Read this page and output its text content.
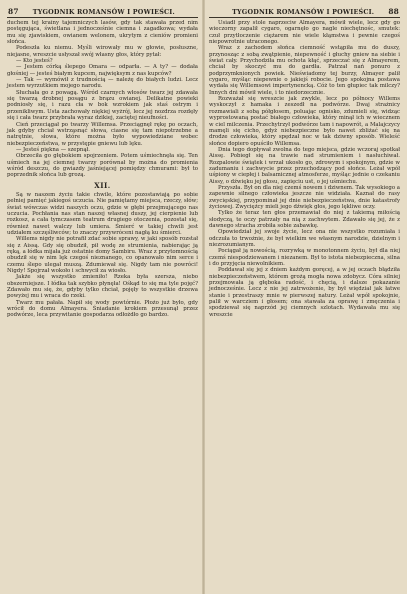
87	TYGODNIK ROMANSÓW I POWIEŚCI.

duchem tej krainy tajemniczych lasów, gdy tak stawała przed nim postęgująca, świetlana i jednocześnie ciemna i zagadkowa; wydała mu się zjawiskiem, owianem welonem, ukrytym z cieniów promieni słońca.

Podeszła ku niemu. Myśli wirowały mu w głowie, posłuszne, niejasne, wreszcie usłyszał swój własny głos, który pytał:

— Kto jesteś?

— Jestem córką ślepego Omara — odparła. — A ty? — dodała głośniej — jesteś białym kupcem, najwięksym z nas kupców?

— Tak — wymówił z trudnością — należę do białych ludzi. Lecz jestem wyrzutkiem mojego narodu.

Słuchała go z powagą. Wśród czarnych włosów twarz jej zdawała się twarzą drobnej posągu z brązu owianej. Delikatne powieki podniosły się, i razu cła w bok wzrokiem jak staś ostrym i przenikliwym. Usta zachowały niękiej wyżrój, lecz jej nozdrza rozdęły się i cała twarz przybrała wyraz dzikiej, zaciętej nieufności.

Cień przeciągał po twarzy Willemsa. Przeciągnęł rękę po oczach, jak gdyby chciał wstrząsnąć słowa, ciasne się tam niepotrzebne a natrętnie, słowa, które można było wypowiedziane wobec niebezpieczeństwa, w przystępie gniewu lub lęku.

— Jesteś piękna — szepnął.

Obrzeciła go głębokiem spojrzeniem. Potem uśmiechnęła się. Ten uśmiech na jej ciemnej twarzy porównał by można do promienia wśród deszczu, do gwiazdy jaśniejącej pomiędzy chmurami: był to poprzednik słońca lub grozą.

XII.

Są w naszem życiu takie chwile, które pozostawiają po sobie pełniej pamięć jakiegoś uczucia. Nie pamiętamy miejsca, rzeczy, słów; świat wówczas widzi naszych oczu, gdzie w głębi przejmującego nas uczucia. Pochłania nas stan naszej własnej duszy, jej cierpienie lub rozkosz, a cała tymczasem teatrum drugiego otoczenia, pozostał się, również nawet walczy lub umiera. Śmierć w takiej chwili jest udziałem szczęśliwców; to znaczy przywróceni nagłą ku śmierci.

Willems nigdy nie potrafił zdać sobie sprawy, w jaki sposób rozstał się z Aissą. Gdy się obudził, pił wodę ze strumienia, nabierając ją ręką, a łódka mijała już ostatnie domy Sambiru. Wraz z przytomnością obudził się w nim lęk czegoś nieznanego, co opanowało nim serce i czemu ślepo ulegał muszą. Zdumiewał się. Nigdy tam nie powróci! Nigdy! Spojrzał wokoło i schwycił za wiosło.

Jakże się wszystko zmieniło! Rzeka była szersza, niebo obszerniejsze. I łódka tak szybko płynęła! Ośkąd to się ma tyle pojęć? Zdawało mu się, że, gdyby tylko chciał, pojęły to wszystkie drzewa powyżej mu i wraca do rzeki.

Twarz mu pałała. Napił się wody powtórnie. Płożo już było, gdy wrócił do domu Almayera. Śniadanie krokiem przesunął przez podwórze, leca przywitanie gospodarza odłożdło go bardzo.

TYGODNIK ROMANSÓW I POWIEŚCI.	88

Usiadł przy stole naprzeciw Almayera, mówił wiele, lecz gdy go wieczorny zapalił cygaro, ogarnęło go nagle niechętnośc, smutek: czuł przytłoczenie ciężarem nie wiele kłąmstwa i pewnie czegoś niepowrotnie utraconego.

Wraz z zachodem słońca ciemność wstąpiła mu do duszy, przynosząc z sobą zwątpienie, niepewność i głuchy gniew na siebie i świat cały. Przychodziła mu ochota kłąć, sprzeczać się z Almayerem, chciał by skoczyć mu do gardła. Patrzał nań ponuro z podprzymknionych powiek. Nieświadomy tej burzy, Almayer palił cygaro, myśląc niepewnie o jakiejś robocie. Jego spokojna postawa wydała się Willemsowi impertynencką. Cóż to ten głupiec tak milczy? Innych dni mówił wiele, i to niedorzecznie.

Rozważał się wreszcie jak zwykle, lecz po północy Willems wyskoczył z hamaka i zeszedł na podwórze. Dwaj strażnicy rozmawiali z sobą półgłosem, poluając ognisko, zdumieli się, widząc wyprostowaną postać białego człowieka, który minął ich w wiecznem w ciel milczenia. Przechytrzył podwórze tam i napowrót, a Malajczycy mamęli się cicho, gdyż niebezpieczne było nawet zbliżać się na drodze człowieka, który spędzał noc w tak dziwny sposób. Wieleść słońce dopiero opuściło Willemsa.

Dnia tego dopływał zwolna do tego miejsca, gdzie wczoraj spotkał Aissę. Pobiegł się na trawie nad strumieniem i nasłuchiwał. Rozpalowie świątek i wrzał ukosło go, zdrowym i spokojnym, gdzie w zadumaniu i zachwycie przez przechodzący pod słońce. Leżał wpół uśpiony w ciepłej i balsamicznej atmosferze, myśląc jednie o czekaniu Aissy, o dźwięku jej głosu, zapięciu ust, o jej uśmiechu.

Przyszła. Był on dla niej czemś nowem i dziwnem. Tak wysokiego a zapewnie silnego człowieka jeszcze nie widziała. Kaznał do rasy zwycięskiej, przypominał jej dnie niebezpieczeństwa, dnie katastrofy życiowej. Zwyciężcy mieli jego dźwięk głos, jego lękliwe oczy.

Tylko że teraz ten głos przemawiał do niej z takiemą miłością słodyczą, te oczy patrzały na nią z zachwytem. Zdawało się jej, że z dawnego stracha zrobiła sobie zabawkę.

Opowiedział jej swoje życie, lecz ona nie wszystko rozumiała i odczuła to trwożnie, że był wielkim we własnym narodzie, dzielnym i niezrozumianym.

Pociągał ją nowością, rozrywką w monotonnem życiu, był dla niej czemś niespodziewanem i niezanem. Był to istota niebezpieczna, silna i do przyjęcia niewolnikiem.

Poddawał się jej z dniem każdym goręcej, a w jej oczach błądziła niebezpieczeństwem, którem grożą mogła nowa zdobycz. Córa silniej przejmowała ją głęboka radość, i chęcią, i dalsze pokazanie jednocześnie. Lecz z nie jej zatrwożenie, by był więdział jak łatwe stanie i przestraszy mnie w pierwszej natury. Leżał wpół spokojnie, palił w warcziem i głosem; ona stawała za oprawę i zmęczenia i spodziewał się naprzód jej ciemnych szlotach. Wydawała mu się wreszcie
